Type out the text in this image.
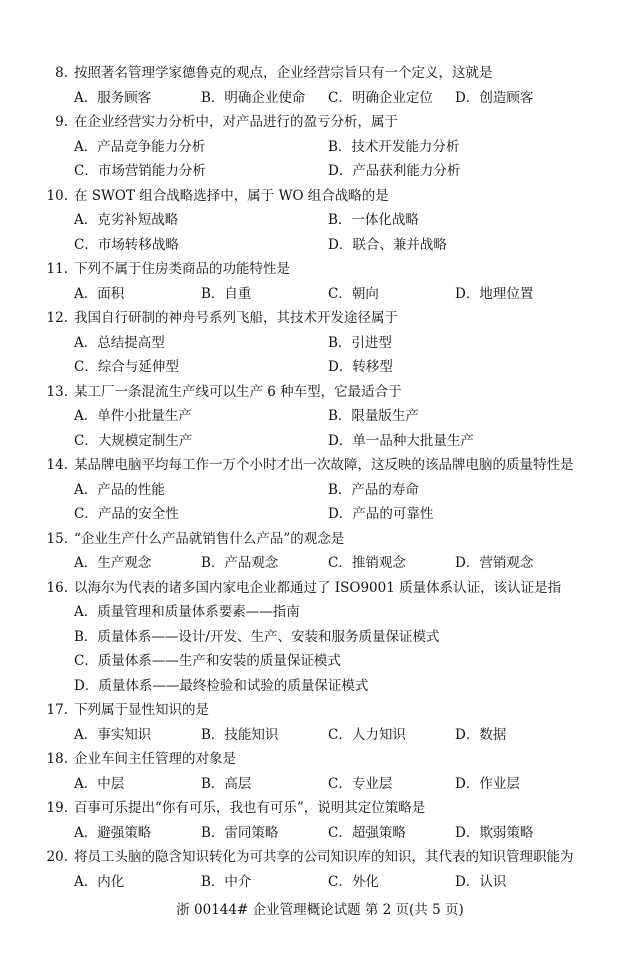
8. 按照著名管理学家德鲁克的观点，企业经营宗旨只有一个定义，这就是
A．服务顾客	B．明确企业使命 C．明确企业定位 D．创造顾客
9. 在企业经营实力分析中，对产品进行的盈亏分析，属于
A．产品竞争能力分析	B．技术开发能力分析
C．市场营销能力分析	D．产品获利能力分析
10. 在 SWOT 组合战略选择中，属于 WO 组合战略的是
A．克劣补短战略	B．一体化战略
C．市场转移战略	D．联合、兼并战略
11. 下列不属于住房类商品的功能特性是
A．面积	B．自重	C．朝向	D．地理位置
12. 我国自行研制的神舟号系列飞船，其技术开发途径属于
A．总结提高型	B．引进型
C．综合与延伸型	D．转移型
13. 某工厂一条混流生产线可以生产 6 种车型，它最适合于
A．单件小批量生产	B．限量版生产
C．大规模定制生产	D．单一品种大批量生产
14. 某品牌电脑平均每工作一万个小时才出一次故障，这反映的该品牌电脑的质量特性是
A．产品的性能	B．产品的寿命
C．产品的安全性	D．产品的可靠性
15. “企业生产什么产品就销售什么产品”的观念是
A．生产观念	B．产品观念	C．推销观念	D．营销观念
16. 以海尔为代表的诸多国内家电企业都通过了 ISO9001 质量体系认证，该认证是指
A．质量管理和质量体系要素——指南
B．质量体系——设计/开发、生产、安装和服务质量保证模式
C．质量体系——生产和安装的质量保证模式
D．质量体系——最终检验和试验的质量保证模式
17. 下列属于显性知识的是
A．事实知识	B．技能知识	C．人力知识	D．数据
18. 企业车间主任管理的对象是
A．中层	B．高层	C．专业层	D．作业层
19. 百事可乐提出“你有可乐，我也有可乐”，说明其定位策略是
A．避强策略	B．雷同策略	C．超强策略	D．欺弱策略
20. 将员工头脑的隐含知识转化为可共享的公司知识库的知识，其代表的知识管理职能为
A．内化	B．中介	C．外化	D．认识
浙 00144# 企业管理概论试题 第 2 页(共 5 页)
